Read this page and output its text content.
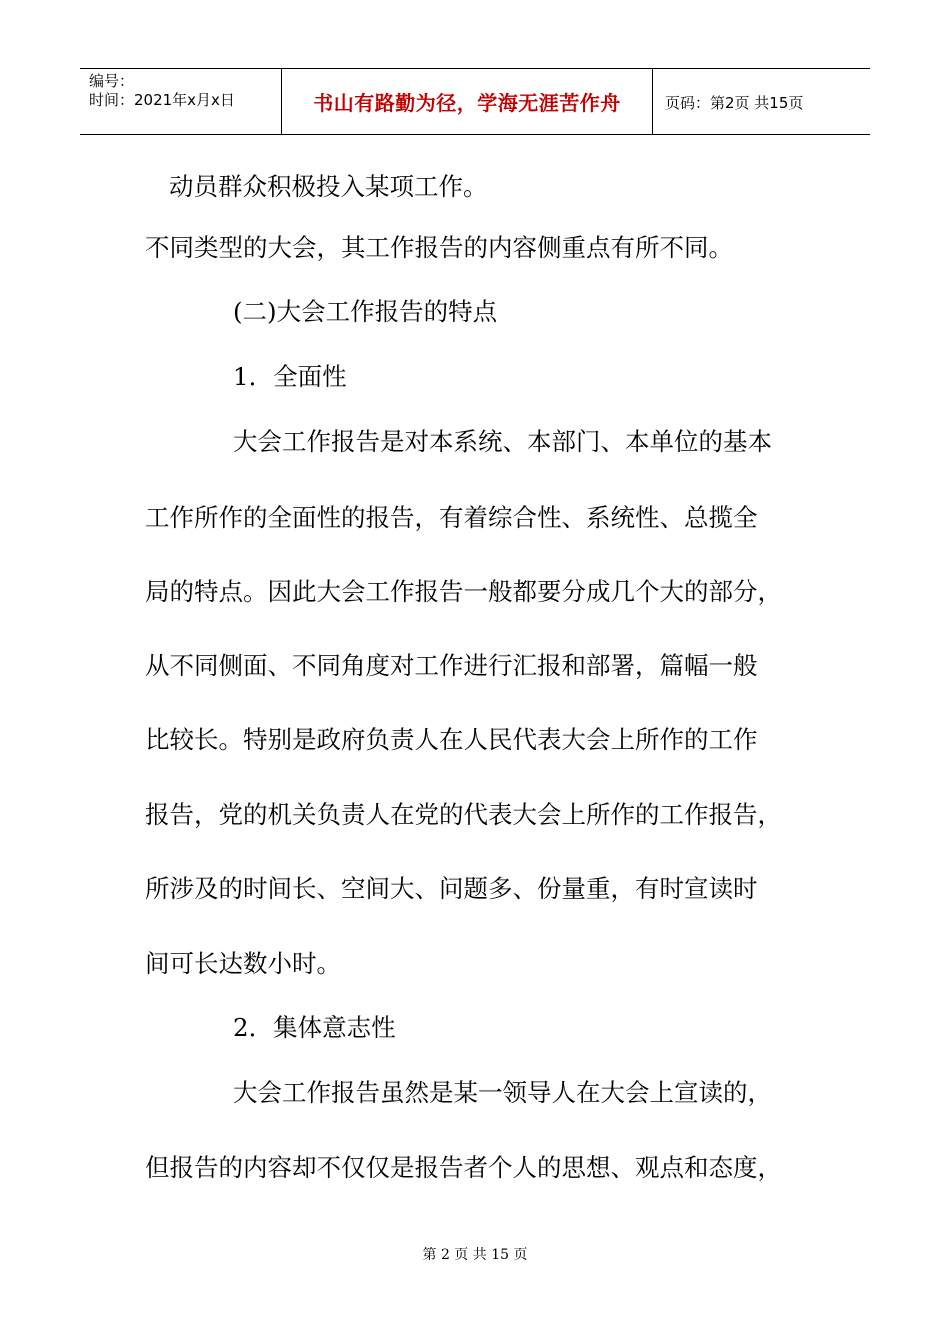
编号：
时间：2021年x月x日	书山有路勤为径，学海无涯苦作舟	页码：第2页 共15页
动员群众积极投入某项工作。
不同类型的大会，其工作报告的内容侧重点有所不同。
(二)大会工作报告的特点
1．全面性
大会工作报告是对本系统、本部门、本单位的基本
工作所作的全面性的报告，有着综合性、系统性、总揽全
局的特点。因此大会工作报告一般都要分成几个大的部分，
从不同侧面、不同角度对工作进行汇报和部署，篇幅一般
比较长。特别是政府负责人在人民代表大会上所作的工作
报告，党的机关负责人在党的代表大会上所作的工作报告，
所涉及的时间长、空间大、问题多、份量重，有时宣读时
间可长达数小时。
2．集体意志性
大会工作报告虽然是某一领导人在大会上宣读的，
但报告的内容却不仅仅是报告者个人的思想、观点和态度，
第 2 页 共 15 页
